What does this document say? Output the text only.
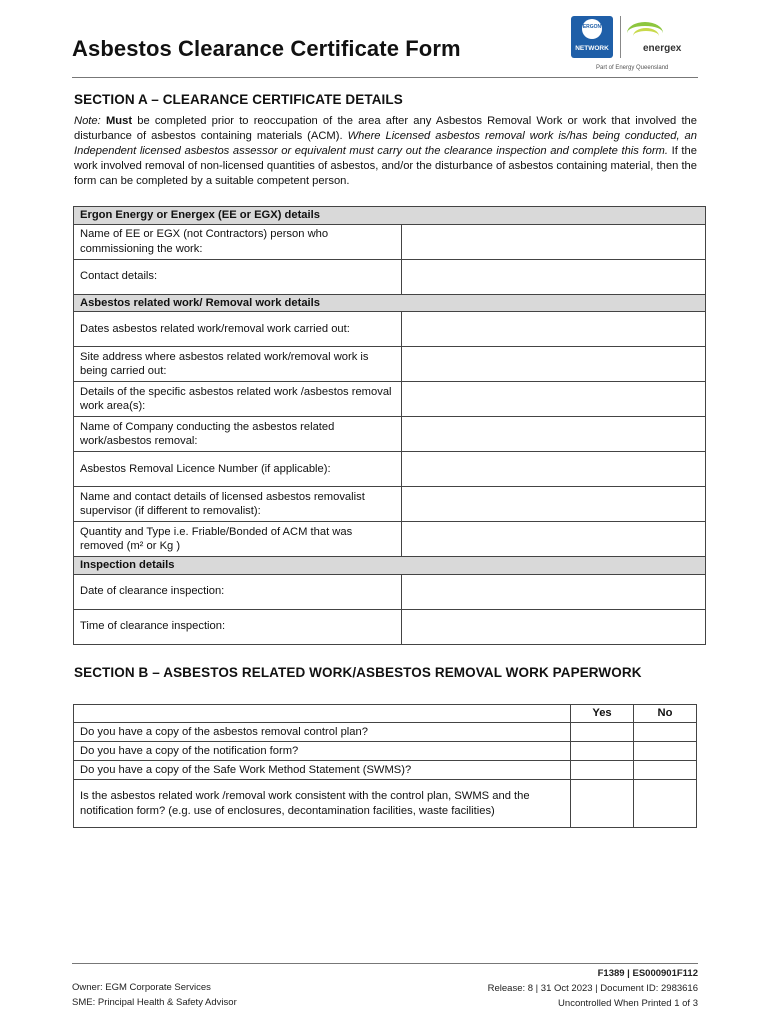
Asbestos Clearance Certificate Form
ERGON
NETWORK	energex
Part of Energy Queensland
SECTION A – CLEARANCE CERTIFICATE DETAILS
Note: Must be completed prior to reoccupation of the area after any Asbestos Removal Work or work that involved the disturbance of asbestos containing materials (ACM). Where Licensed asbestos removal work is/has being conducted, an Independent licensed asbestos assessor or equivalent must carry out the clearance inspection and complete this form. If the work involved removal of non-licensed quantities of asbestos, and/or the disturbance of asbestos containing material, then the form can be completed by a suitable competent person.
Ergon Energy or Energex (EE or EGX) details	
Name of EE or EGX (not Contractors) person who commissioning the work:	
Contact details:	
Asbestos related work/ Removal work details	
Dates asbestos related work/removal work carried out:	
Site address where asbestos related work/removal work is being carried out:	
Details of the specific asbestos related work /asbestos removal work area(s):	
Name of Company conducting the asbestos related work/asbestos removal:	
Asbestos Removal Licence Number (if applicable):	
Name and contact details of licensed asbestos removalist supervisor (if different to removalist):	
Quantity and Type i.e. Friable/Bonded of ACM that was removed (m² or Kg )	
Inspection details	
Date of clearance inspection:	
Time of clearance inspection:	
SECTION B – ASBESTOS RELATED WORK/ASBESTOS REMOVAL WORK PAPERWORK
	Yes	No
Do you have a copy of the asbestos removal control plan?		
Do you have a copy of the notification form?		
Do you have a copy of the Safe Work Method Statement (SWMS)?		
Is the asbestos related work /removal work consistent with the control plan, SWMS and the notification form? (e.g. use of enclosures, decontamination facilities, waste facilities)		
Owner: EGM Corporate Services
SME: Principal Health & Safety Advisor
F1389 | ES000901F112
Release: 8 | 31 Oct 2023 | Document ID: 2983616
Uncontrolled When Printed 1 of 3
